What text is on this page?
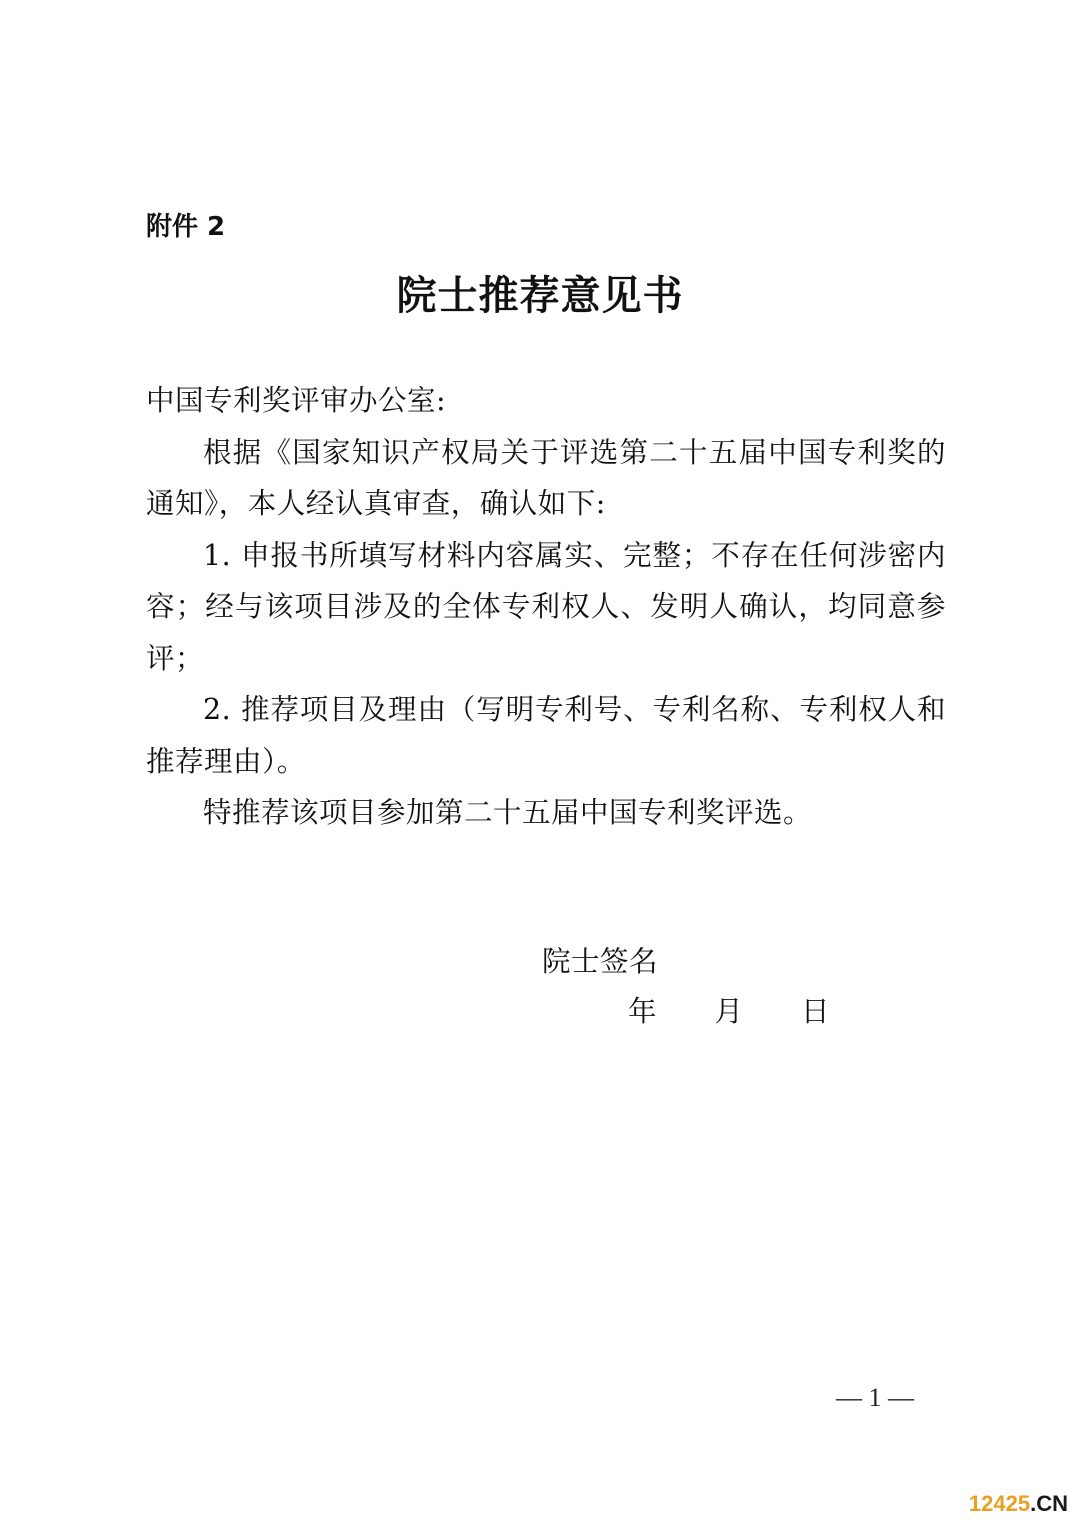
附件 2
院士推荐意见书

中国专利奖评审办公室:

根据《国家知识产权局关于评选第二十五届中国专利奖的通知》，本人经认真审查，确认如下:

1. 申报书所填写材料内容属实、完整；不存在任何涉密内容；经与该项目涉及的全体专利权人、发明人确认，均同意参评；

2. 推荐项目及理由（写明专利号、专利名称、专利权人和推荐理由）。

特推荐该项目参加第二十五届中国专利奖评选。

院士签名
年 月 日
— 1 —
12425.CN
